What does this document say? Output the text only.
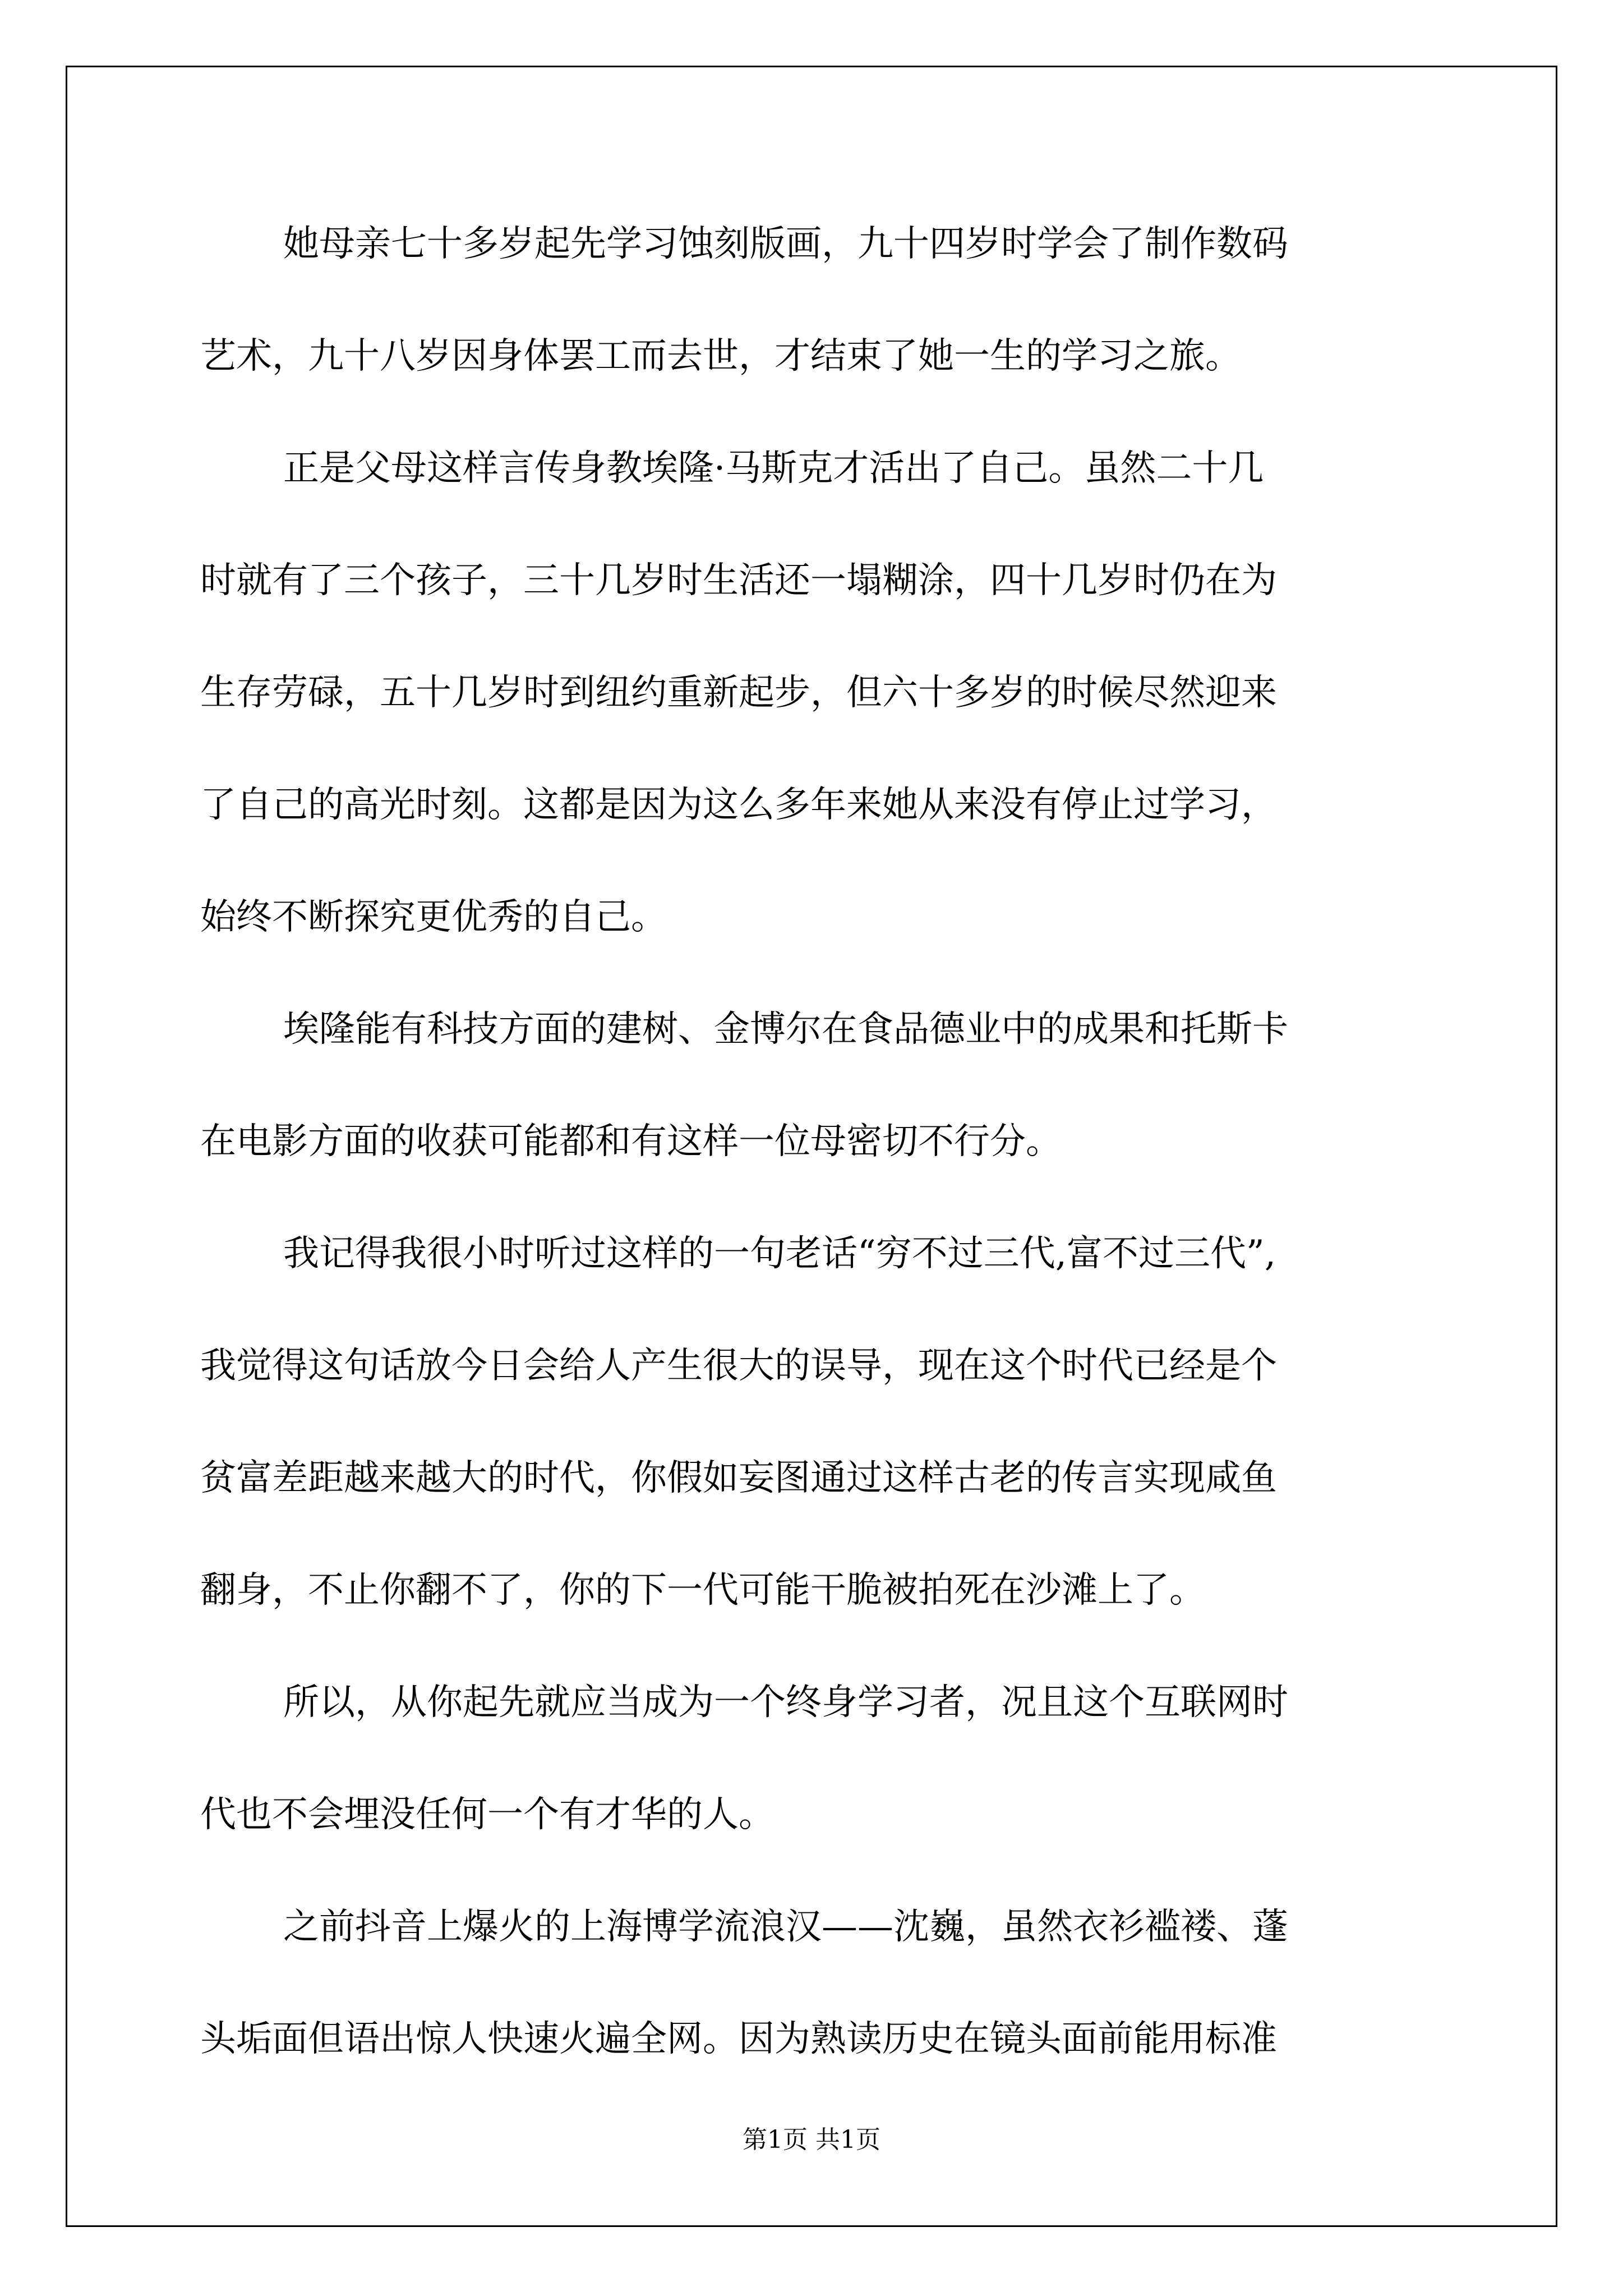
她母亲七十多岁起先学习蚀刻版画，九十四岁时学会了制作数码
艺术，九十八岁因身体罢工而去世，才结束了她一生的学习之旅。
正是父母这样言传身教埃隆·马斯克才活出了自己。虽然二十几
时就有了三个孩子，三十几岁时生活还一塌糊涂，四十几岁时仍在为
生存劳碌，五十几岁时到纽约重新起步，但六十多岁的时候尽然迎来
了自己的高光时刻。这都是因为这么多年来她从来没有停止过学习，
始终不断探究更优秀的自己。
埃隆能有科技方面的建树、金博尔在食品德业中的成果和托斯卡
在电影方面的收获可能都和有这样一位母密切不行分。
我记得我很小时听过这样的一句老话“穷不过三代,富不过三代”,
我觉得这句话放今日会给人产生很大的误导，现在这个时代已经是个
贫富差距越来越大的时代，你假如妄图通过这样古老的传言实现咸鱼
翻身，不止你翻不了，你的下一代可能干脆被拍死在沙滩上了。
所以，从你起先就应当成为一个终身学习者，况且这个互联网时
代也不会埋没任何一个有才华的人。
之前抖音上爆火的上海博学流浪汉——沈巍，虽然衣衫褴褛、蓬
头垢面但语出惊人快速火遍全网。因为熟读历史在镜头面前能用标准
第1页 共1页
